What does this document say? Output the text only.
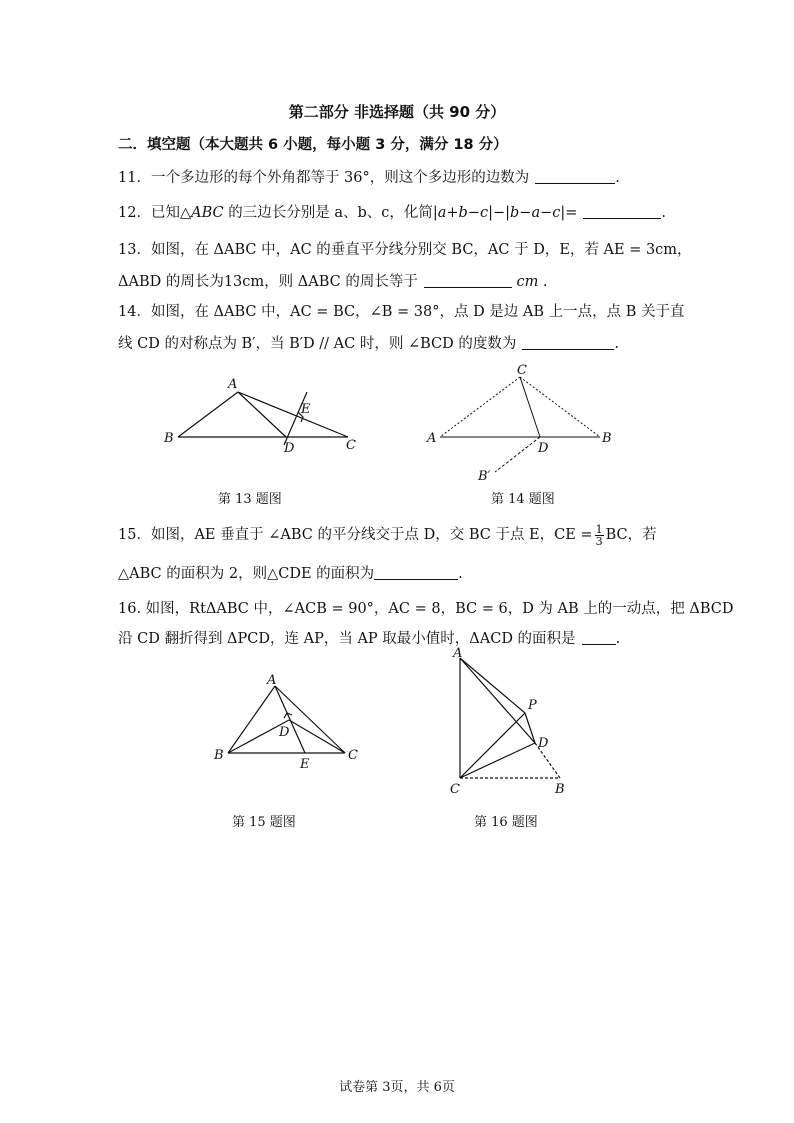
第二部分 非选择题（共 90 分）
二．填空题（本大题共 6 小题，每小题 3 分，满分 18 分）
11．一个多边形的每个外角都等于 36°，则这个多边形的边数为	.
12．已知△ABC 的三边长分别是 a、b、c，化简|a+b−c|−|b−a−c|=	.
13．如图，在 ΔABC 中，AC 的垂直平分线分别交 BC，AC 于 D，E，若 AE = 3cm，
ΔABD 的周长为13cm，则 ΔABC 的周长等于	cm .
14．如图，在 ΔABC 中，AC = BC，∠B = 38°，点 D 是边 AB 上一点，点 B 关于直
线 CD 的对称点为 B′，当 B′D // AC 时，则 ∠BCD 的度数为	.
A
B	C
D
E
第 13 题图
C
A	B
D
B′
第 14 题图
15．如图，AE 垂直于 ∠ABC 的平分线交于点 D，交 BC 于点 E，CE = $\frac{1}{3}$ BC，若
△ABC 的面积为 2，则△CDE 的面积为	.
16. 如图，RtΔABC 中，∠ACB = 90°，AC = 8，BC = 6，D 为 AB 上的一动点，把 ΔBCD
沿 CD 翻折得到 ΔPCD，连 AP，当 AP 取最小值时，ΔACD 的面积是	.
A
B	C
D
E
第 15 题图
A
P
D
C	B
第 16 题图
试卷第 3页，共 6页
